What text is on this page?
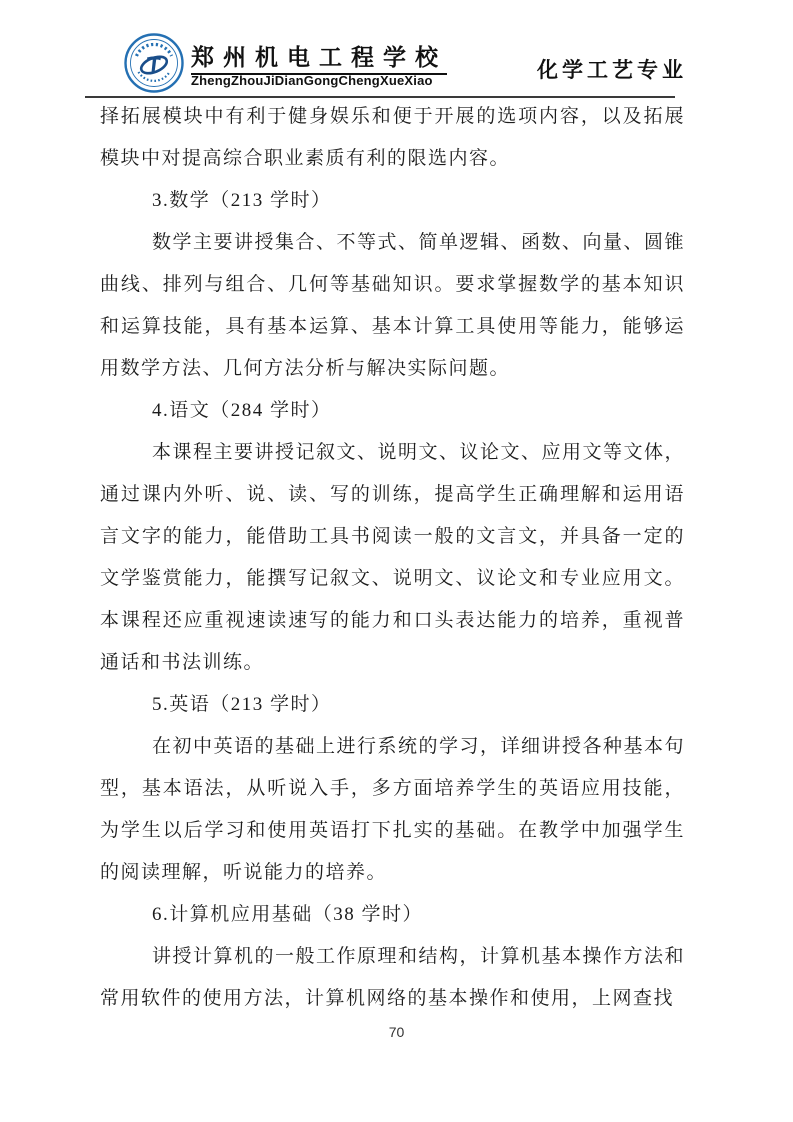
郑州机电工程学校
ZhengZhouJiDianGongChengXueXiao	化学工艺专业
择拓展模块中有利于健身娱乐和便于开展的选项内容，以及拓展模块中对提高综合职业素质有利的限选内容。
3.数学（213 学时）
数学主要讲授集合、不等式、简单逻辑、函数、向量、圆锥曲线、排列与组合、几何等基础知识。要求掌握数学的基本知识和运算技能，具有基本运算、基本计算工具使用等能力，能够运用数学方法、几何方法分析与解决实际问题。
4.语文（284 学时）
本课程主要讲授记叙文、说明文、议论文、应用文等文体，通过课内外听、说、读、写的训练，提高学生正确理解和运用语言文字的能力，能借助工具书阅读一般的文言文，并具备一定的文学鉴赏能力，能撰写记叙文、说明文、议论文和专业应用文。本课程还应重视速读速写的能力和口头表达能力的培养，重视普通话和书法训练。
5.英语（213 学时）
在初中英语的基础上进行系统的学习，详细讲授各种基本句型，基本语法，从听说入手，多方面培养学生的英语应用技能，为学生以后学习和使用英语打下扎实的基础。在教学中加强学生的阅读理解，听说能力的培养。
6.计算机应用基础（38 学时）
讲授计算机的一般工作原理和结构，计算机基本操作方法和常用软件的使用方法，计算机网络的基本操作和使用，上网查找
70
